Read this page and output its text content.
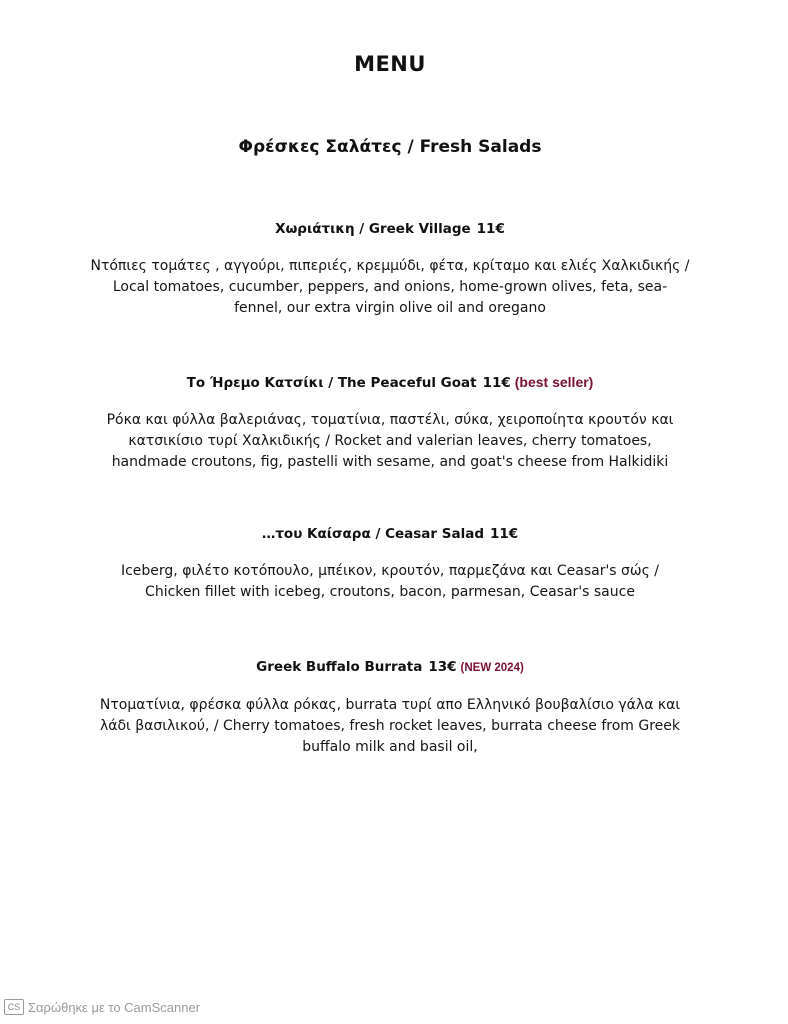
MENU
Φρέσκες Σαλάτες / Fresh Salads
Χωριάτικη / Greek Village 11€
Ντόπιες τομάτες , αγγούρι, πιπεριές, κρεμμύδι, φέτα, κρίταμο και ελιές Χαλκιδικής /
Local tomatoes, cucumber, peppers, and onions, home-grown olives, feta, sea-
fennel, our extra virgin olive oil and oregano
Το Ήρεμο Κατσίκι / The Peaceful Goat 11€ (best seller)
Ρόκα και φύλλα βαλεριάνας, τοματίνια, παστέλι, σύκα, χειροποίητα κρουτόν και
κατσικίσιο τυρί Χαλκιδικής / Rocket and valerian leaves, cherry tomatoes,
handmade croutons, fig, pastelli with sesame, and goat's cheese from Halkidiki
…του Καίσαρα / Ceasar Salad 11€
Iceberg, φιλέτο κοτόπουλο, μπέικον, κρουτόν, παρμεζάνα και Ceasar's σώς /
Chicken fillet with icebeg, croutons, bacon, parmesan, Ceasar's sauce
Greek Buffalo Burrata 13€ (NEW 2024)
Ντοματίνια, φρέσκα φύλλα ρόκας, burrata τυρί απο Ελληνικό βουβαλίσιο γάλα και
λάδι βασιλικού, / Cherry tomatoes, fresh rocket leaves, burrata cheese from Greek
buffalo milk and basil oil,
CS Σαρώθηκε με το CamScanner
